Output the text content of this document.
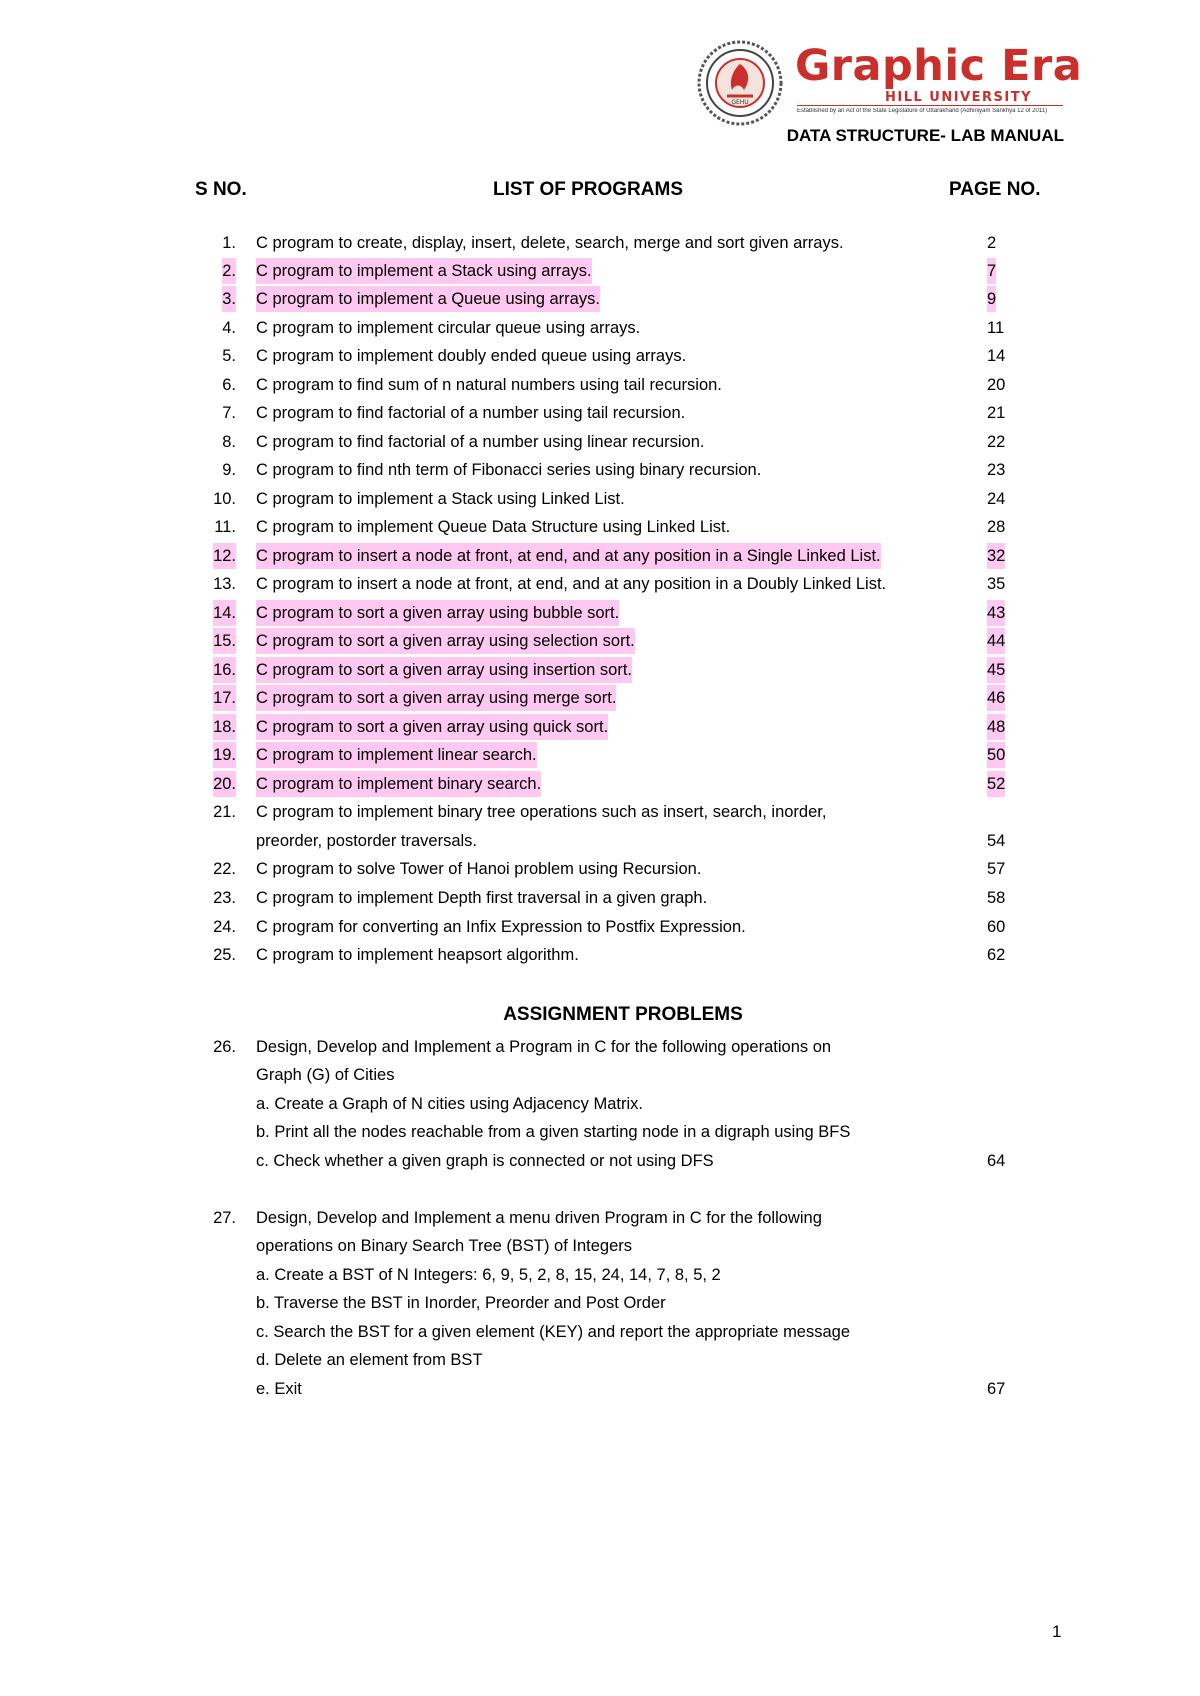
GEHU
Graphic Era
HILL UNIVERSITY
Established by an Act of the State Legislature of Uttarakhand (Adhiniyam Sankhya 12 of 2011)
DATA STRUCTURE- LAB MANUAL
S NO.	LIST OF PROGRAMS	PAGE NO.
1. C program to create, display, insert, delete, search, merge and sort given arrays.	2
2. C program to implement a Stack using arrays.	7
3. C program to implement a Queue using arrays.	9
4. C program to implement circular queue using arrays.	11
5. C program to implement doubly ended queue using arrays.	14
6. C program to find sum of n natural numbers using tail recursion.	20
7. C program to find factorial of a number using tail recursion.	21
8. C program to find factorial of a number using linear recursion.	22
9. C program to find nth term of Fibonacci series using binary recursion.	23
10. C program to implement a Stack using Linked List.	24
11. C program to implement Queue Data Structure using Linked List.	28
12. C program to insert a node at front, at end, and at any position in a Single Linked List.	32
13. C program to insert a node at front, at end, and at any position in a Doubly Linked List.	35
14. C program to sort a given array using bubble sort.	43
15. C program to sort a given array using selection sort.	44
16. C program to sort a given array using insertion sort.	45
17. C program to sort a given array using merge sort.	46
18. C program to sort a given array using quick sort.	48
19. C program to implement linear search.	50
20. C program to implement binary search.	52
21. C program to implement binary tree operations such as insert, search, inorder,
preorder, postorder traversals.	54
22. C program to solve Tower of Hanoi problem using Recursion.	57
23. C program to implement Depth first traversal in a given graph.	58
24. C program for converting an Infix Expression to Postfix Expression.	60
25. C program to implement heapsort algorithm.	62
ASSIGNMENT PROBLEMS
26. Design, Develop and Implement a Program in C for the following operations on
Graph (G) of Cities
a. Create a Graph of N cities using Adjacency Matrix.
b. Print all the nodes reachable from a given starting node in a digraph using BFS
c. Check whether a given graph is connected or not using DFS	64
27. Design, Develop and Implement a menu driven Program in C for the following
operations on Binary Search Tree (BST) of Integers
a. Create a BST of N Integers: 6, 9, 5, 2, 8, 15, 24, 14, 7, 8, 5, 2
b. Traverse the BST in Inorder, Preorder and Post Order
c. Search the BST for a given element (KEY) and report the appropriate message
d. Delete an element from BST
e. Exit	67
1
